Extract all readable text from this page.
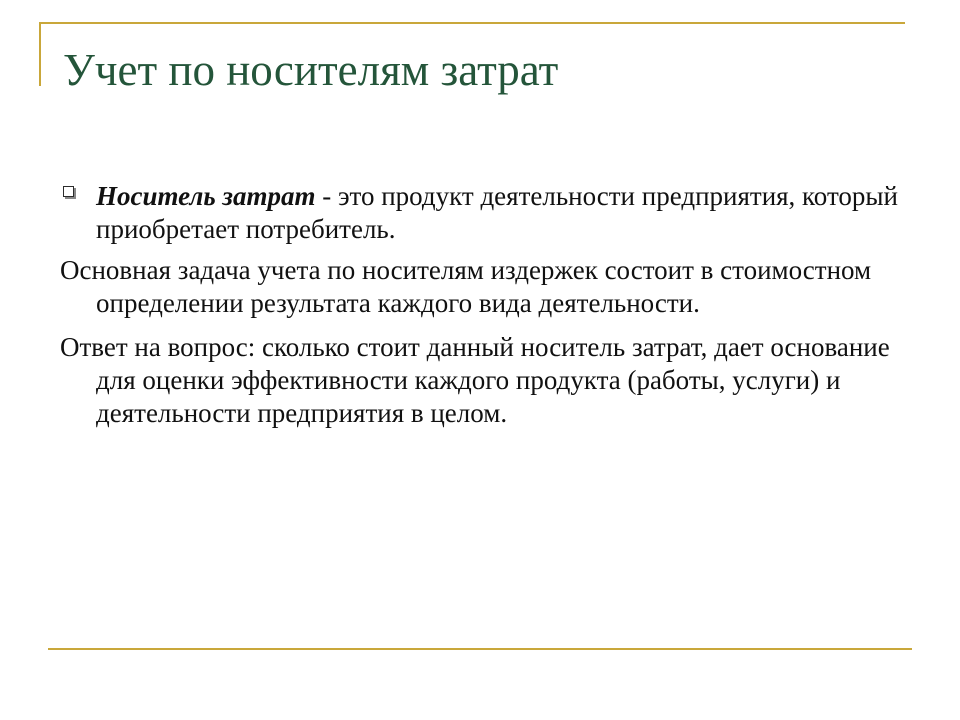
Учет по носителям затрат
Носитель затрат - это продукт деятельности предприятия, который приобретает потребитель.

Основная задача учета по носителям издержек состоит в стоимостном определении результата каждого вида деятельности.

Ответ на вопрос: сколько стоит данный носитель затрат, дает основание для оценки эффективности каждого продукта (работы, услуги) и деятельности предприятия в целом.
